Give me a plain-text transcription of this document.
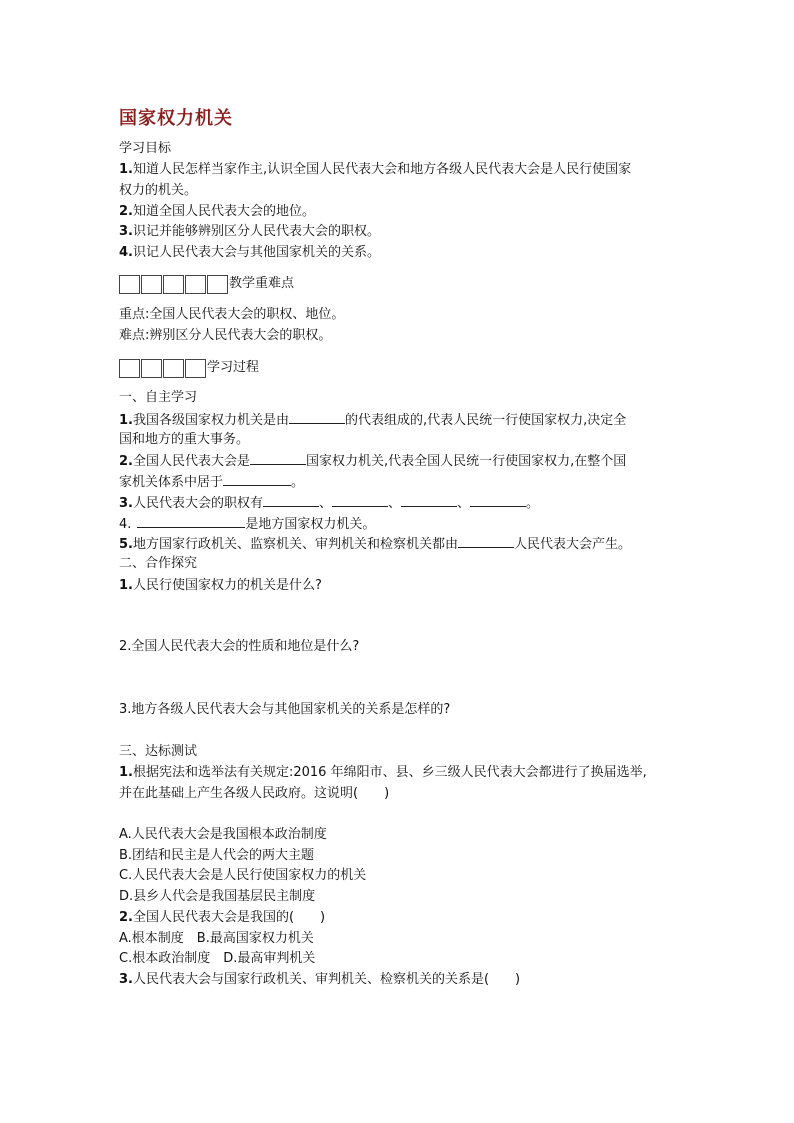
国家权力机关
学习目标
1.知道人民怎样当家作主,认识全国人民代表大会和地方各级人民代表大会是人民行使国家
权力的机关。
2.知道全国人民代表大会的地位。
3.识记并能够辨别区分人民代表大会的职权。
4.识记人民代表大会与其他国家机关的关系。
教学重难点
重点:全国人民代表大会的职权、地位。
难点:辨别区分人民代表大会的职权。
学习过程
一、自主学习
1.我国各级国家权力机关是由	的代表组成的,代表人民统一行使国家权力,决定全
国和地方的重大事务。
2.全国人民代表大会是	国家权力机关,代表全国人民统一行使国家权力,在整个国
家机关体系中居于	。
3.人民代表大会的职权有	、	、	、	。
4.	是地方国家权力机关。
5.地方国家行政机关、监察机关、审判机关和检察机关都由	人民代表大会产生。
二、合作探究
1.人民行使国家权力的机关是什么?
2.全国人民代表大会的性质和地位是什么?
3.地方各级人民代表大会与其他国家机关的关系是怎样的?
三、达标测试
1.根据宪法和选举法有关规定:2016 年绵阳市、县、乡三级人民代表大会都进行了换届选举,
并在此基础上产生各级人民政府。这说明(　　)
A.人民代表大会是我国根本政治制度
B.团结和民主是人代会的两大主题
C.人民代表大会是人民行使国家权力的机关
D.县乡人代会是我国基层民主制度
2.全国人民代表大会是我国的(　　)
A.根本制度　B.最高国家权力机关
C.根本政治制度　D.最高审判机关
3.人民代表大会与国家行政机关、审判机关、检察机关的关系是(　　)
